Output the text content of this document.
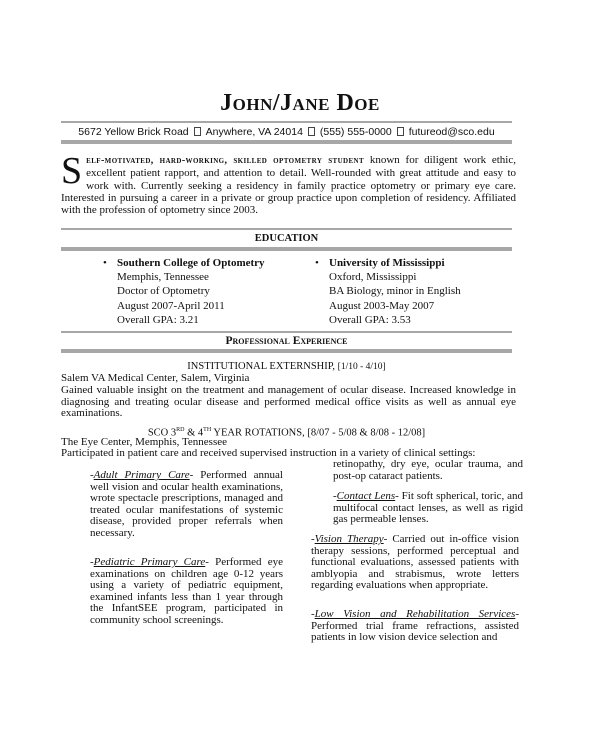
John/Jane Doe
5672 Yellow Brick Road Anywhere, VA 24014 (555) 555-0000 futureod@sco.edu
Self-motivated, hard-working, skilled optometry student known for diligent work ethic, excellent patient rapport, and attention to detail. Well-rounded with great attitude and easy to work with. Currently seeking a residency in family practice optometry or primary eye care. Interested in pursuing a career in a private or group practice upon completion of residency. Affiliated with the profession of optometry since 2003.
EDUCATION
• Southern College of Optometry
Memphis, Tennessee
Doctor of Optometry
August 2007-April 2011
Overall GPA: 3.21
• University of Mississippi
Oxford, Mississippi
BA Biology, minor in English
August 2003-May 2007
Overall GPA: 3.53
Professional Experience
INSTITUTIONAL EXTERNSHIP, [1/10 - 4/10]
Salem VA Medical Center, Salem, Virginia
Gained valuable insight on the treatment and management of ocular disease. Increased knowledge in diagnosing and treating ocular disease and performed medical office visits as well as annual eye examinations.
SCO 3RD & 4TH YEAR ROTATIONS, [8/07 - 5/08 & 8/08 - 12/08]
The Eye Center, Memphis, Tennessee
Participated in patient care and received supervised instruction in a variety of clinical settings:
-Adult Primary Care- Performed annual well vision and ocular health examinations, wrote spectacle prescriptions, managed and treated ocular manifestations of systemic disease, provided proper referrals when necessary.
-Pediatric Primary Care- Performed eye examinations on children age 0-12 years using a variety of pediatric equipment, examined infants less than 1 year through the InfantSEE program, participated in community school screenings.
retinopathy, dry eye, ocular trauma, and post-op cataract patients.
-Contact Lens- Fit soft spherical, toric, and multifocal contact lenses, as well as rigid gas permeable lenses.
-Vision Therapy- Carried out in-office vision therapy sessions, performed perceptual and functional evaluations, assessed patients with amblyopia and strabismus, wrote letters regarding evaluations when appropriate.
-Low Vision and Rehabilitation Services- Performed trial frame refractions, assisted patients in low vision device selection and
